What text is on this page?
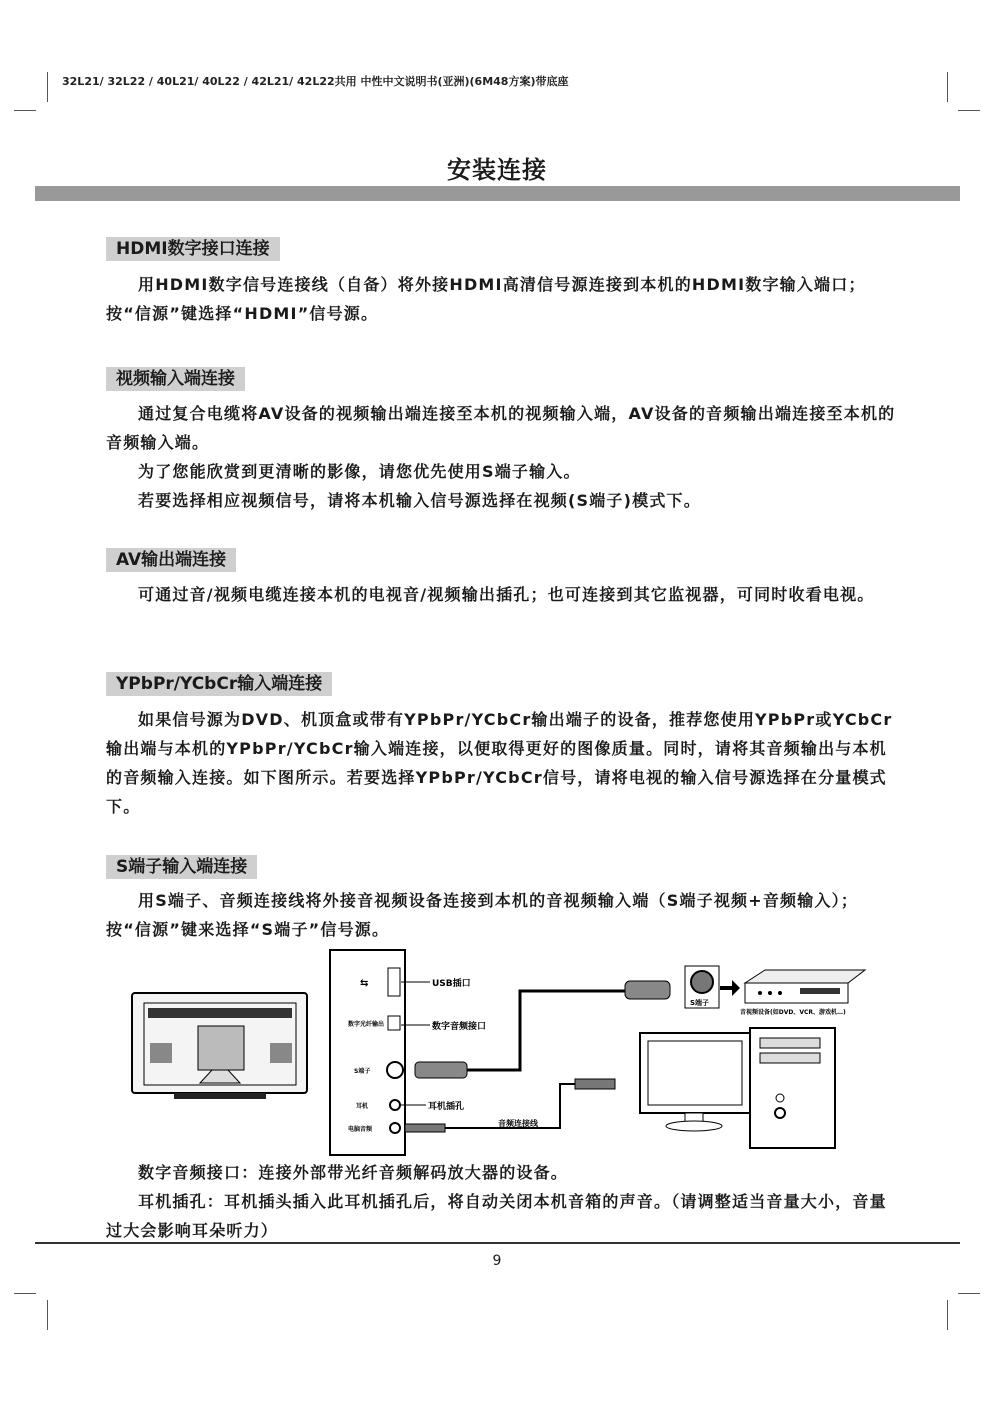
32L21/ 32L22 / 40L21/ 40L22 / 42L21/ 42L22共用 中性中文说明书(亚洲)(6M48方案)带底座
安装连接
HDMI数字接口连接

用HDMI数字信号连接线（自备）将外接HDMI高清信号源连接到本机的HDMI数字输入端口；按“信源”键选择“HDMI”信号源。

视频输入端连接

通过复合电缆将AV设备的视频输出端连接至本机的视频输入端，AV设备的音频输出端连接至本机的音频输入端。

为了您能欣赏到更清晰的影像，请您优先使用S端子输入。

若要选择相应视频信号，请将本机输入信号源选择在视频(S端子)模式下。

AV输出端连接

可通过音/视频电缆连接本机的电视音/视频输出插孔；也可连接到其它监视器，可同时收看电视。

YPbPr/YCbCr输入端连接

如果信号源为DVD、机顶盒或带有YPbPr/YCbCr输出端子的设备，推荐您使用YPbPr或YCbCr输出端与本机的YPbPr/YCbCr输入端连接，以便取得更好的图像质量。同时，请将其音频输出与本机的音频输入连接。如下图所示。若要选择YPbPr/YCbCr信号，请将电视的输入信号源选择在分量模式下。

S端子输入端连接

用S端子、音频连接线将外接音视频设备连接到本机的音视频输入端（S端子视频+音频输入）；按“信源”键来选择“S端子”信号源。

⇆
数字光纤输出
S端子
耳机
电脑音频
USB插口
数字音频接口
耳机插孔
S端子
音视频设备(如DVD、VCR、游戏机…)
音频连接线

数字音频接口：连接外部带光纤音频解码放大器的设备。

耳机插孔：耳机插头插入此耳机插孔后，将自动关闭本机音箱的声音。（请调整适当音量大小，音量过大会影响耳朵听力）

9
